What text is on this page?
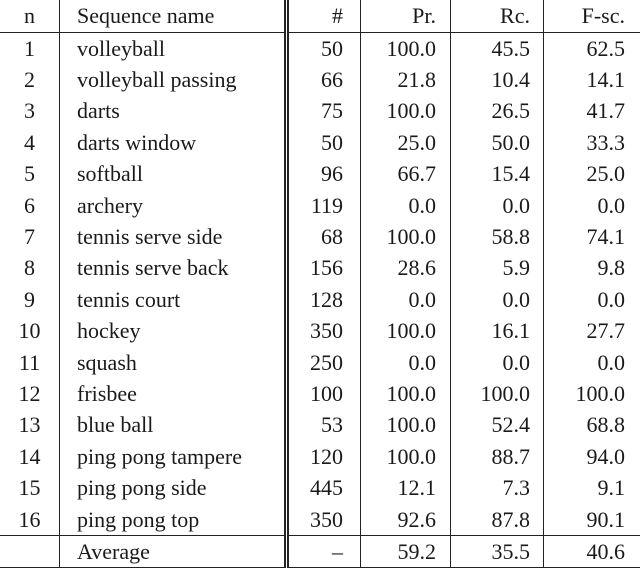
n	Sequence name	#	Pr.	Rc.	F-sc.
1	volleyball	50	100.0	45.5	62.5
2	volleyball passing	66	21.8	10.4	14.1
3	darts	75	100.0	26.5	41.7
4	darts window	50	25.0	50.0	33.3
5	softball	96	66.7	15.4	25.0
6	archery	119	0.0	0.0	0.0
7	tennis serve side	68	100.0	58.8	74.1
8	tennis serve back	156	28.6	5.9	9.8
9	tennis court	128	0.0	0.0	0.0
10	hockey	350	100.0	16.1	27.7
11	squash	250	0.0	0.0	0.0
12	frisbee	100	100.0	100.0	100.0
13	blue ball	53	100.0	52.4	68.8
14	ping pong tampere	120	100.0	88.7	94.0
15	ping pong side	445	12.1	7.3	9.1
16	ping pong top	350	92.6	87.8	90.1
	Average	–	59.2	35.5	40.6
